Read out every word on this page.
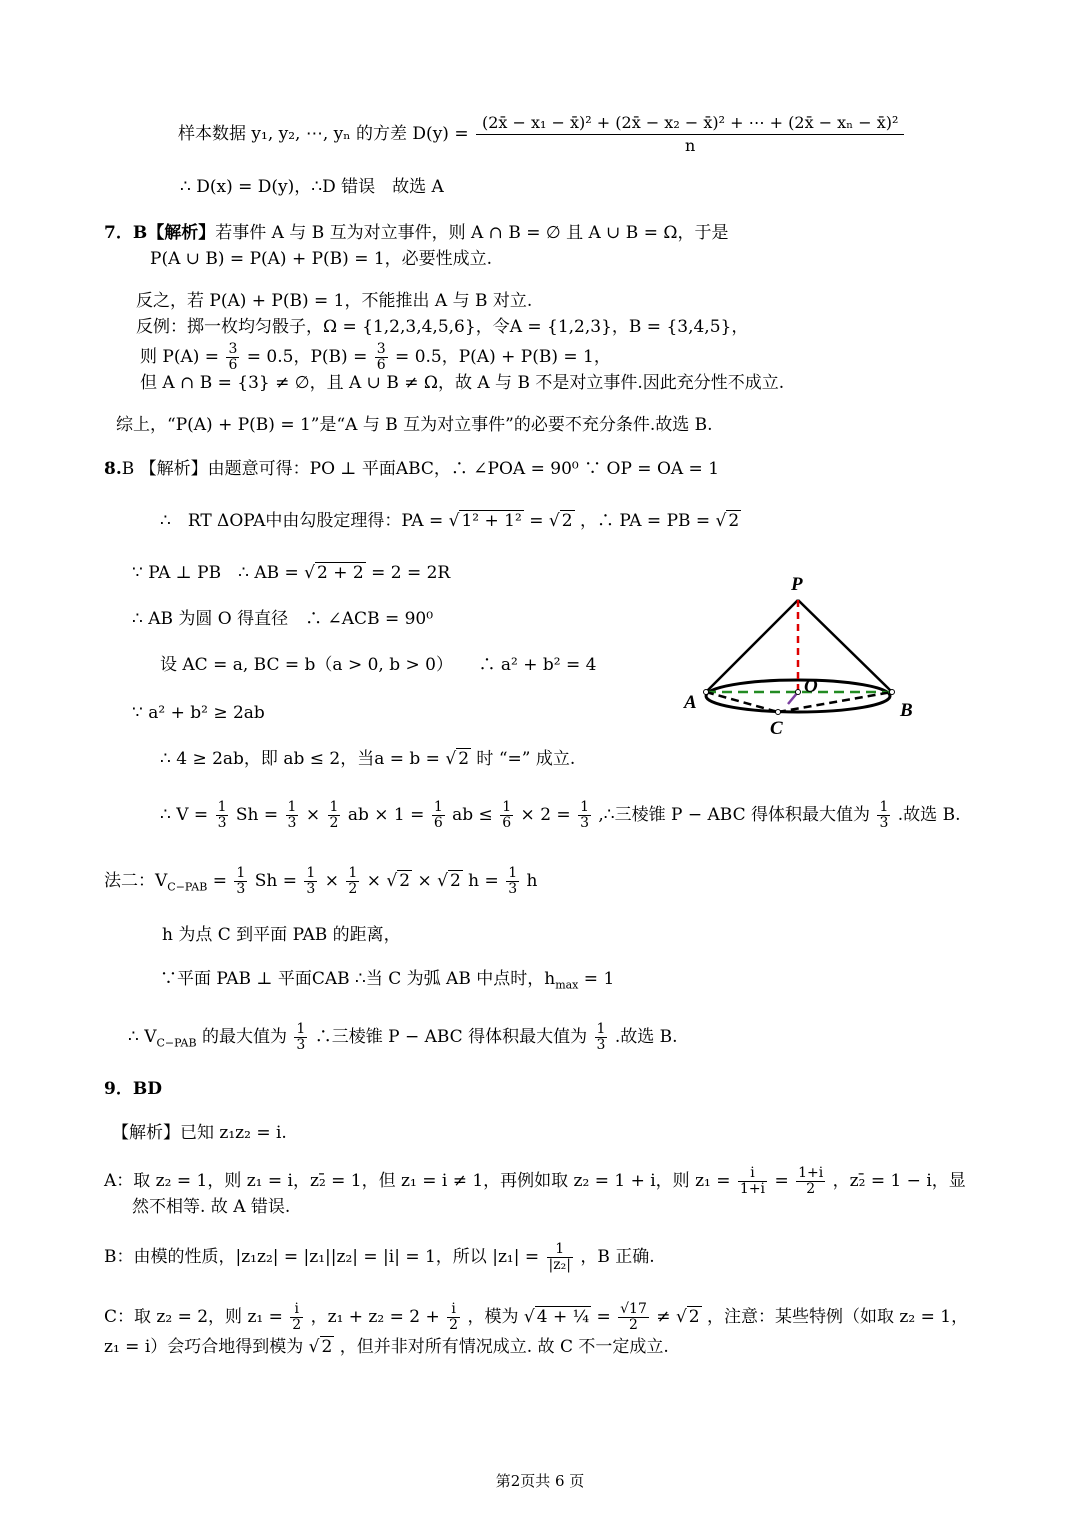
样本数据 y₁, y₂, ⋯, yₙ 的方差 $D(y) = \frac{\text{(2x̄ − x₁ − x̄)² + (2x̄ − x₂ − x̄)² + ⋯ + (2x̄ − xₙ − x̄)²}}{n}$
∴ D(x) = D(y)，∴D 错误　故选 A
7．B【解析】若事件 A 与 B 互为对立事件，则 A ∩ B = ∅ 且 A ∪ B = Ω，于是
P(A ∪ B) = P(A) + P(B) = 1，必要性成立.
反之，若 P(A) + P(B) = 1，不能推出 A 与 B 对立.
反例：掷一枚均匀骰子，Ω = {1,2,3,4,5,6}，令A = {1,2,3}，B = {3,4,5}，
则 $P(A) = \frac{3}{6} = 0.5$，$P(B) = \frac{3}{6} = 0.5$，P(A) + P(B) = 1，
但 A ∩ B = {3} ≠ ∅，且 A ∪ B ≠ Ω，故 A 与 B 不是对立事件.因此充分性不成立.
综上，“P(A) + P(B) = 1”是“A 与 B 互为对立事件”的必要不充分条件.故选 B.
8.B 【解析】由题意可得：PO ⊥ 平面ABC，∴ ∠POA = 90⁰ ∵ OP = OA = 1
∴　RT ΔOPA中由勾股定理得：PA = √ 1² + 1² = √ 2 ，∴ PA = PB = √ 2
∵ PA ⊥ PB　∴ AB = √ 2 + 2 = 2 = 2R
∴ AB 为圆 O 得直径　∴ ∠ACB = 90⁰
设 AC = a, BC = b（a > 0, b > 0）　　∴ a² + b² = 4
∵ a² + b² ≥ 2ab
∴ 4 ≥ 2ab，即 ab ≤ 2，当a = b = √ 2 时 “=” 成立.
∴ $V = \frac{1}{3}$ $Sh = \frac{1}{3} \times \frac{1}{2}$ ab × $1 = \frac{1}{6}$ ab ≤ $\frac{1}{6} \times 2 = \frac{1}{3}$ ,∴三棱锥 P − ABC 得体积最大值为 $\frac{1}{3}$ .故选 B.
法二：$V_{C-PAB} = \frac{1}{3}$ $Sh = \frac{1}{3} \times \frac{1}{2}$ × √ 2 × √ 2 $h = \frac{1}{3}$ h
h 为点 C 到平面 PAB 的距离，
∵平面 PAB ⊥ 平面CAB ∴当 C 为弧 AB 中点时，$h_{max} = 1$
∴ $V_{C-PAB}$ 的最大值为 $\frac{1}{3}$ ∴三棱锥 P − ABC 得体积最大值为 $\frac{1}{3}$ .故选 B.
9．BD
【解析】已知 z₁z₂ = i.
A：取 z₂ = 1，则 z₁ = i，z₂̄ = 1，但 z₁ = i ≠ 1，再例如取 z₂ = 1 + i，则 $z_1 = \frac{i}{1+i} = \frac{1+i}{2}$ ，z₂̄ = 1 − i，显
然不相等. 故 A 错误.
B：由模的性质，|z₁z₂| = |z₁||z₂| = |i| = 1，所以 $|z_1| = \frac{1}{\text{|z₂|}}$ ，B 正确.
C：取 z₂ = 2，则 $z_1 = \frac{i}{2}$ ，$z_1 + z_2 = 2 + \frac{i}{2}$ ，模为 √ 4 + ¼ = $\frac{√17}{2}$ ≠ √ 2 ，注意：某些特例（如取 z₂ = 1，
z₁ = i）会巧合地得到模为 √ 2 ，但并非对所有情况成立. 故 C 不一定成立.
P
O
A	B
C
第2页共 6 页
